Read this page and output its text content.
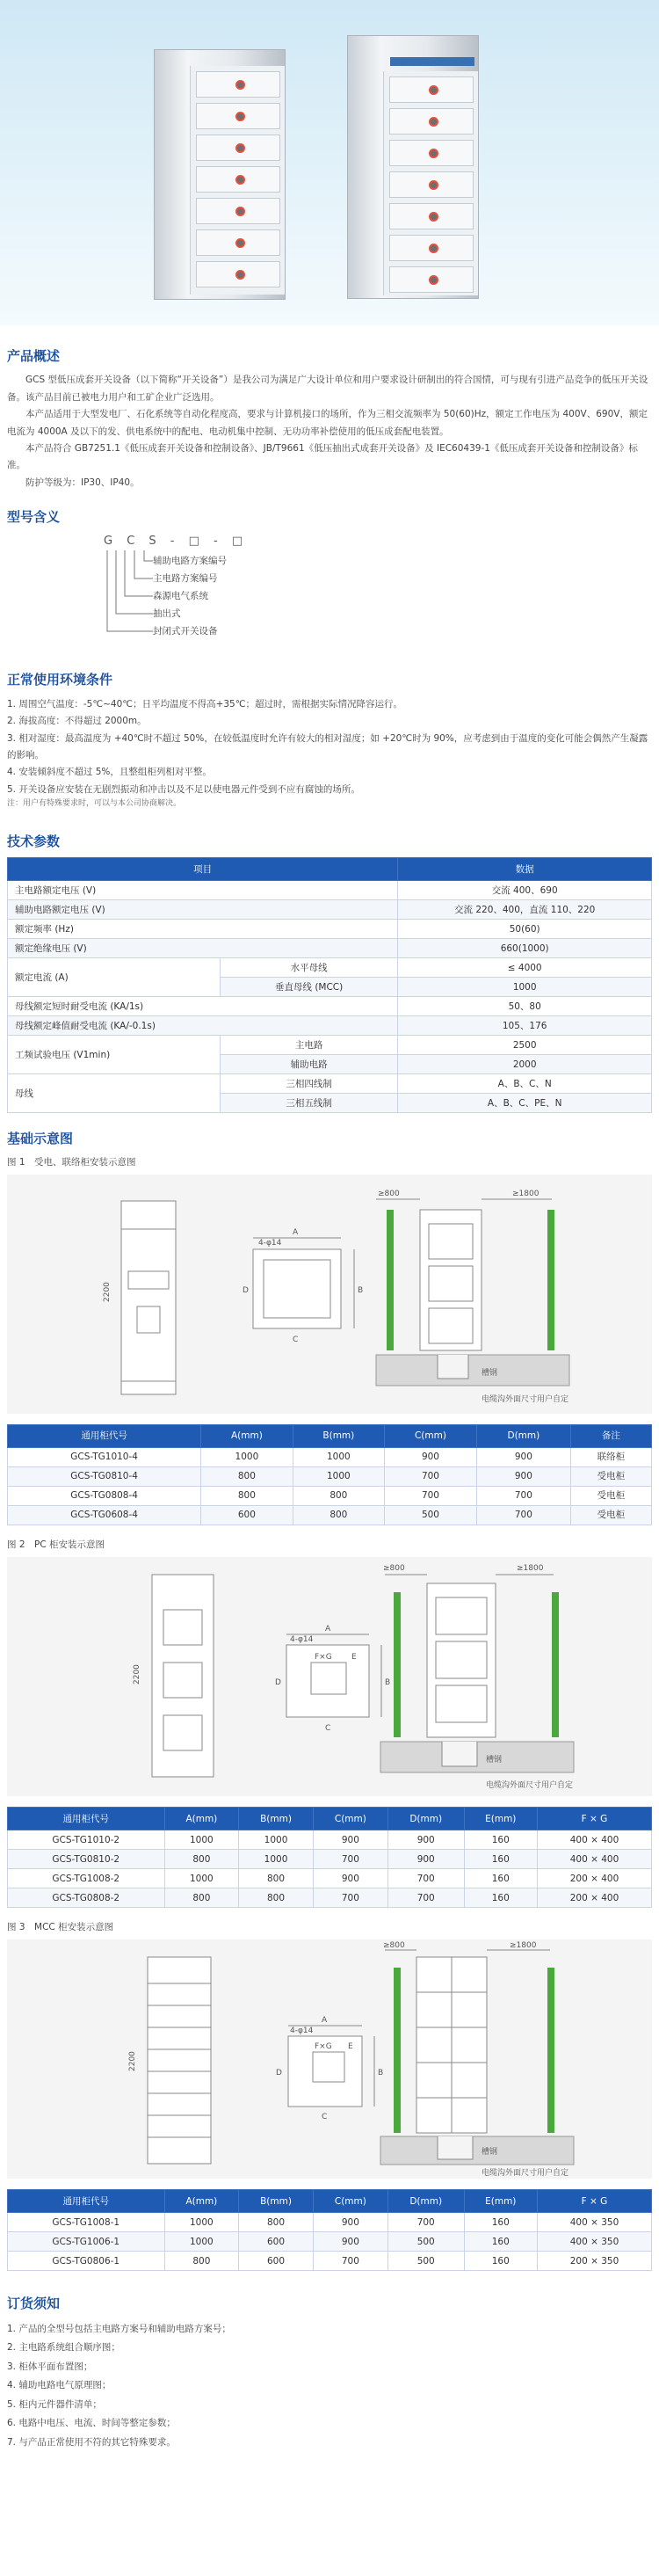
产品概述

GCS 型低压成套开关设备（以下简称“开关设备”）是我公司为满足广大设计单位和用户要求设计研制出的符合国情，可与现有引进产品竞争的低压开关设备。该产品目前已被电力用户和工矿企业广泛选用。

本产品适用于大型发电厂、石化系统等自动化程度高，要求与计算机接口的场所，作为三相交流频率为 50(60)Hz，额定工作电压为 400V、690V，额定电流为 4000A 及以下的发、供电系统中的配电、电动机集中控制、无功功率补偿使用的低压成套配电装置。

本产品符合 GB7251.1《低压成套开关设备和控制设备》、JB/T9661《低压抽出式成套开关设备》及 IEC60439-1《低压成套开关设备和控制设备》标准。

防护等级为：IP30、IP40。

型号含义
G C S - □ - □
辅助电路方案编号
主电路方案编号
森源电气系统
抽出式
封闭式开关设备
正常使用环境条件

1. 周围空气温度：-5℃~40℃；日平均温度不得高+35℃；超过时，需根据实际情况降容运行。

2. 海拔高度：不得超过 2000m。

3. 相对湿度：最高温度为 +40℃时不超过 50%，在较低温度时允许有较大的相对湿度；如 +20℃时为 90%，应考虑到由于温度的变化可能会偶然产生凝露的影响。

4. 安装倾斜度不超过 5%，且整组柜列相对平整。

5. 开关设备应安装在无剧烈振动和冲击以及不足以使电器元件受到不应有腐蚀的场所。

注：用户有特殊要求时，可以与本公司协商解决。

技术参数
项目		数据
主电路额定电压 (V)		交流 400、690
辅助电路额定电压 (V)		交流 220、400，直流 110、220
额定频率 (Hz)		50(60)
额定绝缘电压 (V)		660(1000)
额定电流 (A)	水平母线	≤ 4000
	垂直母线 (MCC)	1000
母线额定短时耐受电流 (KA/1s)		50、80
母线额定峰值耐受电流 (KA/-0.1s)		105、176
工频试验电压 (V1min)	主电路	2500
	辅助电路	2000
母线	三相四线制	A、B、C、N
	三相五线制	A、B、C、PE、N
基础示意图
图 1　受电、联络柜安装示意图
≥800	≥1800
A
B
C
D
4-φ14
2200
槽钢
电缆沟外面尺寸用户自定
通用柜代号	A(mm)	B(mm)	C(mm)	D(mm)	备注
GCS-TG1010-4	1000	1000	900	900	联络柜
GCS-TG0810-4	800	1000	700	900	受电柜
GCS-TG0808-4	800	800	700	700	受电柜
GCS-TG0608-4	600	800	500	700	受电柜
图 2　PC 柜安装示意图
≥800	≥1800
A
B
C
D
E
F×G
4-φ14
2200
槽钢
电缆沟外面尺寸用户自定
通用柜代号	A(mm)	B(mm)	C(mm)	D(mm)	E(mm)	F × G
GCS-TG1010-2	1000	1000	900	900	160	400 × 400
GCS-TG0810-2	800	1000	700	900	160	400 × 400
GCS-TG1008-2	1000	800	900	700	160	200 × 400
GCS-TG0808-2	800	800	700	700	160	200 × 400
图 3　MCC 柜安装示意图
≥800	≥1800
A
B
C
D
E
F×G
4-φ14
2200
槽钢
电缆沟外面尺寸用户自定
通用柜代号	A(mm)	B(mm)	C(mm)	D(mm)	E(mm)	F × G
GCS-TG1008-1	1000	800	900	700	160	400 × 350
GCS-TG1006-1	1000	600	900	500	160	400 × 350
GCS-TG0806-1	800	600	700	500	160	200 × 350
订货须知

1. 产品的全型号包括主电路方案号和辅助电路方案号；

2. 主电路系统组合顺序图；

3. 柜体平面布置图；

4. 辅助电路电气原理图；

5. 柜内元件器件清单；

6. 电路中电压、电流、时间等整定参数；

7. 与产品正常使用不符的其它特殊要求。
